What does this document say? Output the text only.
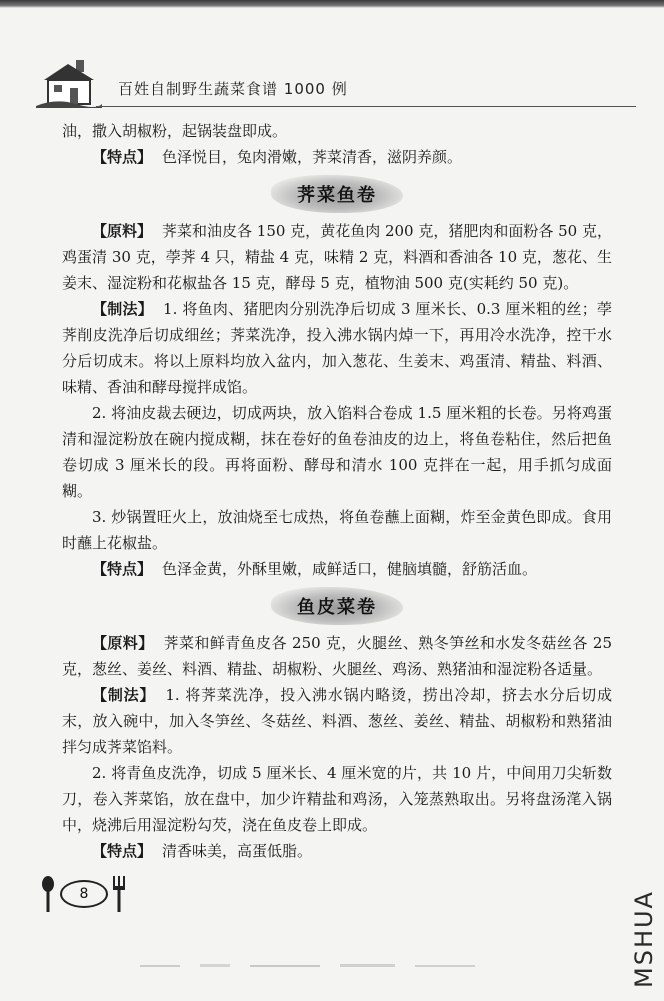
百姓自制野生蔬菜食谱 1000 例

油，撒入胡椒粉，起锅装盘即成。

【特点】 色泽悦目，兔肉滑嫩，荠菜清香，滋阴养颜。

荠菜鱼卷

【原料】 荠菜和油皮各 150 克，黄花鱼肉 200 克，猪肥肉和面粉各 50 克，鸡蛋清 30 克，荸荠 4 只，精盐 4 克，味精 2 克，料酒和香油各 10 克，葱花、生姜末、湿淀粉和花椒盐各 15 克，酵母 5 克，植物油 500 克(实耗约 50 克)。

【制法】 1. 将鱼肉、猪肥肉分别洗净后切成 3 厘米长、0.3 厘米粗的丝；荸荠削皮洗净后切成细丝；荠菜洗净，投入沸水锅内焯一下，再用冷水洗净，控干水分后切成末。将以上原料均放入盆内，加入葱花、生姜末、鸡蛋清、精盐、料酒、味精、香油和酵母搅拌成馅。

2. 将油皮裁去硬边，切成两块，放入馅料合卷成 1.5 厘米粗的长卷。另将鸡蛋清和湿淀粉放在碗内搅成糊，抹在卷好的鱼卷油皮的边上，将鱼卷粘住，然后把鱼卷切成 3 厘米长的段。再将面粉、酵母和清水 100 克拌在一起，用手抓匀成面糊。

3. 炒锅置旺火上，放油烧至七成热，将鱼卷蘸上面糊，炸至金黄色即成。食用时蘸上花椒盐。

【特点】 色泽金黄，外酥里嫩，咸鲜适口，健脑填髓，舒筋活血。

鱼皮菜卷

【原料】 荠菜和鲜青鱼皮各 250 克，火腿丝、熟冬笋丝和水发冬菇丝各 25 克，葱丝、姜丝、料酒、精盐、胡椒粉、火腿丝、鸡汤、熟猪油和湿淀粉各适量。

【制法】 1. 将荠菜洗净，投入沸水锅内略烫，捞出冷却，挤去水分后切成末，放入碗中，加入冬笋丝、冬菇丝、料酒、葱丝、姜丝、精盐、胡椒粉和熟猪油拌匀成荠菜馅料。

2. 将青鱼皮洗净，切成 5 厘米长、4 厘米宽的片，共 10 片，中间用刀尖斩数刀，卷入荠菜馅，放在盘中，加少许精盐和鸡汤，入笼蒸熟取出。另将盘汤滗入锅中，烧沸后用湿淀粉勾芡，浇在鱼皮卷上即成。

【特点】 清香味美，高蛋低脂。

8	MSHUA
